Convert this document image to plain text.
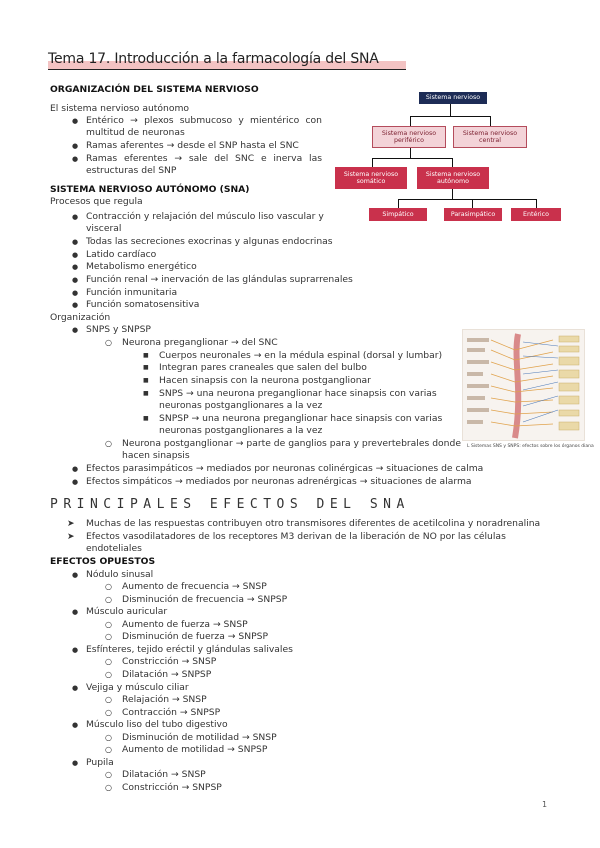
Tema 17. Introducción a la farmacología del SNA
ORGANIZACIÓN DEL SISTEMA NERVIOSO
El sistema nervioso autónomo
● Entérico → plexos submucoso y mientérico con
multitud de neuronas
● Ramas aferentes → desde el SNP hasta el SNC
● Ramas eferentes → sale del SNC e inerva las
estructuras del SNP
SISTEMA NERVIOSO AUTÓNOMO (SNA)
Procesos que regula
● Contracción y relajación del músculo liso vascular y
visceral
● Todas las secreciones exocrinas y algunas endocrinas
● Latido cardíaco
● Metabolismo energético
● Función renal → inervación de las glándulas suprarrenales
● Función inmunitaria
● Función somatosensitiva
Organización
● SNPS y SNPSP
○ Neurona preganglionar → del SNC
■ Cuerpos neuronales → en la médula espinal (dorsal y lumbar)
■ Integran pares craneales que salen del bulbo
■ Hacen sinapsis con la neurona postganglionar
■ SNPS → una neurona preganglionar hace sinapsis con varias
neuronas postganglionares a la vez
■ SNPSP → una neurona preganglionar hace sinapsis con varias
neuronas postganglionares a la vez
○ Neurona postganglionar → parte de ganglios para y prevertebrales donde
hacen sinapsis
● Efectos parasimpáticos → mediados por neuronas colinérgicas → situaciones de calma
● Efectos simpáticos → mediados por neuronas adrenérgicas → situaciones de alarma
PRINCIPALES EFECTOS DEL SNA
➤ Muchas de las respuestas contribuyen otro transmisores diferentes de acetilcolina y noradrenalina
➤ Efectos vasodilatadores de los receptores M3 derivan de la liberación de NO por las células
endoteliales
EFECTOS OPUESTOS
● Nódulo sinusal
○ Aumento de frecuencia → SNSP
○ Disminución de frecuencia → SNPSP
● Músculo auricular
○ Aumento de fuerza → SNSP
○ Disminución de fuerza → SNPSP
● Esfínteres, tejido eréctil y glándulas salivales
○ Constricción → SNSP
○ Dilatación → SNPSP
● Vejiga y músculo ciliar
○ Relajación → SNSP
○ Contracción → SNPSP
● Músculo liso del tubo digestivo
○ Disminución de motilidad → SNSP
○ Aumento de motilidad → SNPSP
● Pupila
○ Dilatación → SNSP
○ Constricción → SNPSP
Sistema nervioso
Sistema nervioso
periférico
Sistema nervioso
central
Sistema nervioso
somático
Sistema nervioso
autónomo
Simpático	Parasimpático	Entérico
L Sistemas SNS y SNPS: efectos sobre los órganos diana
1
